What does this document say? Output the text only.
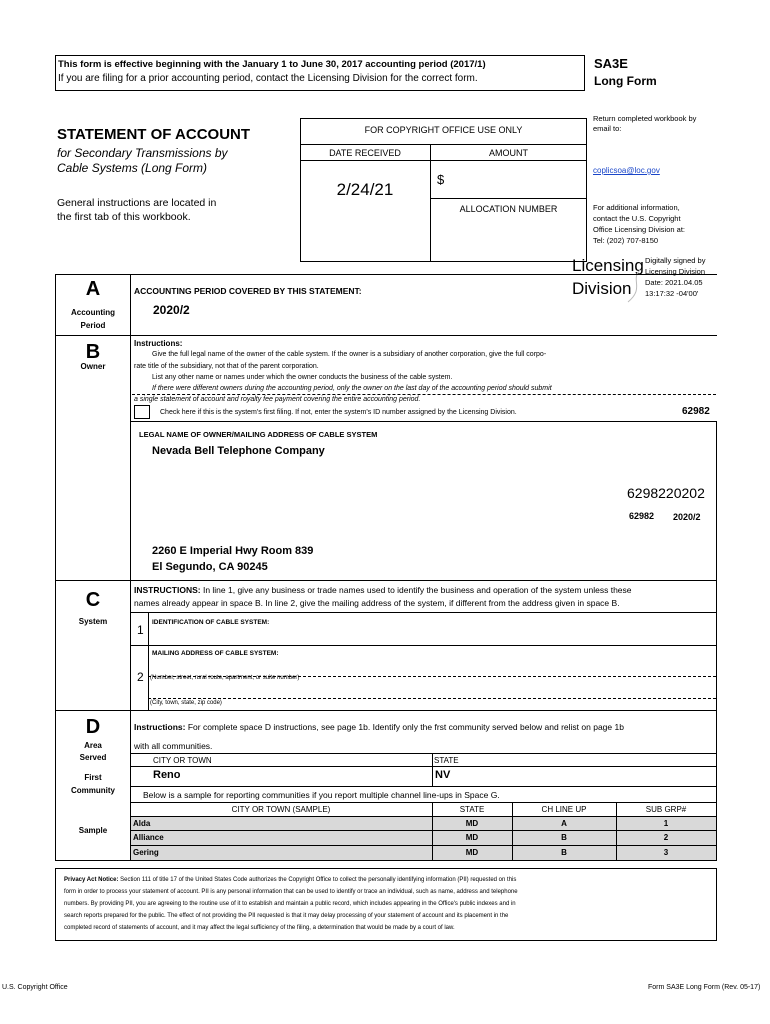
This form is effective beginning with the January 1 to June 30, 2017 accounting period (2017/1)
If you are filing for a prior accounting period, contact the Licensing Division for the correct form.
SA3E
Long Form
STATEMENT OF ACCOUNT
for Secondary Transmissions by
Cable Systems (Long Form)
General instructions are located in
the first tab of this workbook.
FOR COPYRIGHT OFFICE USE ONLY
DATE RECEIVED	AMOUNT
2/24/21
$
ALLOCATION NUMBER
Return completed workbook by
email to:
coplicsoa@loc.gov
For additional information,
contact the U.S. Copyright
Office Licensing Division at:
Tel: (202) 707-8150
Licensing
Division
Digitally signed by
Licensing Division
Date: 2021.04.05
13:17:32 -04'00'
A
Accounting
Period
ACCOUNTING PERIOD COVERED BY THIS STATEMENT:
2020/2
B
Owner
Instructions:
Give the full legal name of the owner of the cable system. If the owner is a subsidiary of another corporation, give the full corpo-
rate title of the subsidiary, not that of the parent corporation.
List any other name or names under which the owner conducts the business of the cable system.
If there were different owners during the accounting period, only the owner on the last day of the accounting period should submit
a single statement of account and royalty fee payment covering the entire accounting period.
Check here if this is the system's first filing. If not, enter the system's ID number assigned by the Licensing Division.	62982
LEGAL NAME OF OWNER/MAILING ADDRESS OF CABLE SYSTEM
Nevada Bell Telephone Company
6298220202
62982 2020/2
2260 E Imperial Hwy Room 839
El Segundo, CA 90245
C
System
INSTRUCTIONS: In line 1, give any business or trade names used to identify the business and operation of the system unless these
names already appear in space B. In line 2, give the mailing address of the system, if different from the address given in space B.
1
IDENTIFICATION OF CABLE SYSTEM:
MAILING ADDRESS OF CABLE SYSTEM:
2 (Number, street, rural route, apartment, or suite number)
(City, town, state, zip code)
D
Area
Served
First
Community
Sample
Instructions: For complete space D instructions, see page 1b. Identify only the frst community served below and relist on page 1b
with all communities.
CITY OR TOWN	STATE
Reno	NV
Below is a sample for reporting communities if you report multiple channel line-ups in Space G.
CITY OR TOWN (SAMPLE)	STATE	CH LINE UP	SUB GRP#
Alda	MD	A	1
Alliance	MD	B	2
Gering	MD	B	3
Privacy Act Notice: Section 111 of title 17 of the United States Code authorizes the Copyright Office to collect the personally identifying information (PII) requested on this
form in order to process your statement of account. PII is any personal information that can be used to identify or trace an individual, such as name, address and telephone
numbers. By providing PII, you are agreeing to the routine use of it to establish and maintain a public record, which includes appearing in the Office's public indexes and in
search reports prepared for the public. The effect of not providing the PII requested is that it may delay processing of your statement of account and its placement in the
completed record of statements of account, and it may affect the legal sufficiency of the filing, a determination that would be made by a court of law.
U.S. Copyright Office	Form SA3E Long Form (Rev. 05-17)
